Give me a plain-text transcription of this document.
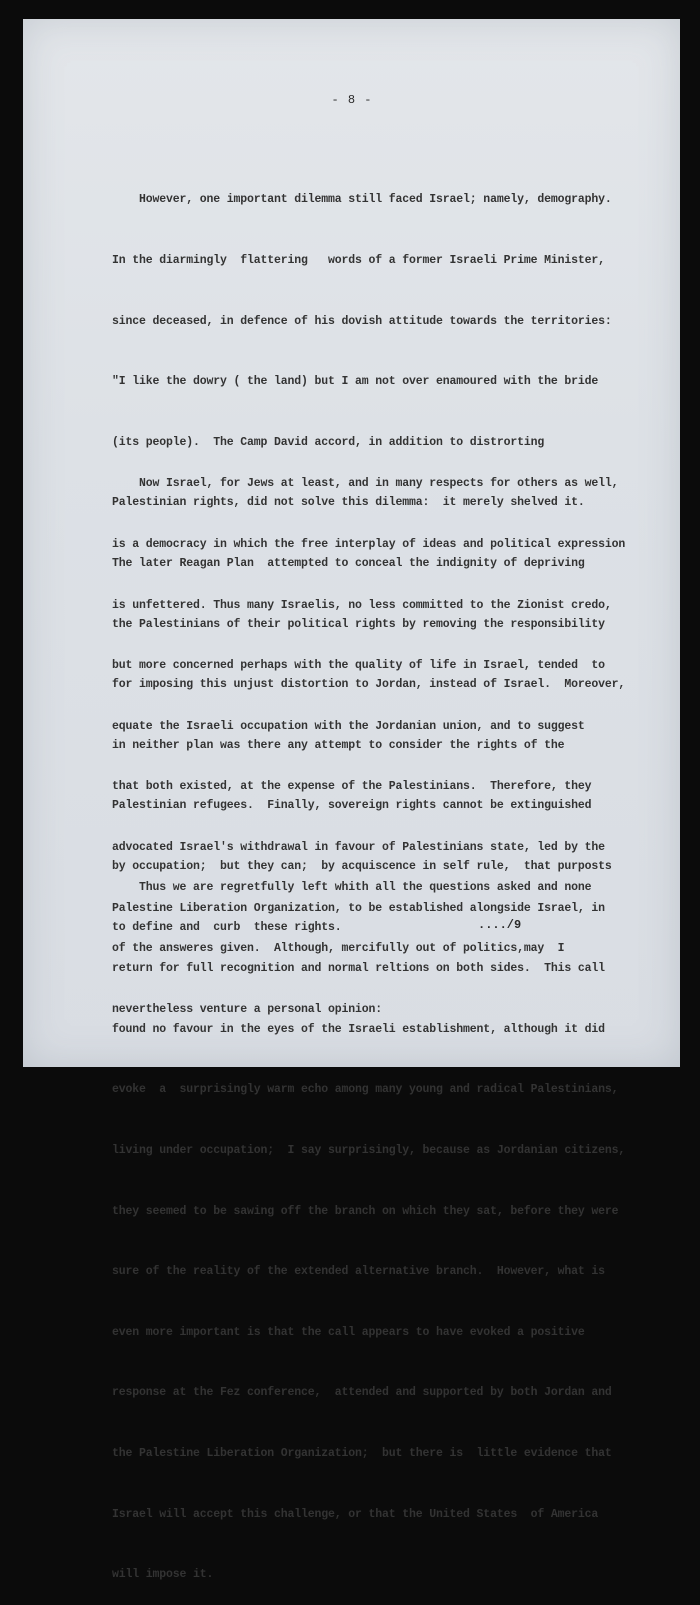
- 8 -

However, one important dilemma still faced Israel; namely, demography.

In the diarmingly  flattering   words of a former Israeli Prime Minister,

since deceased, in defence of his dovish attitude towards the territories:

"I like the dowry ( the land) but I am not over enamoured with the bride

(its people).  The Camp David accord, in addition to distrorting

Palestinian rights, did not solve this dilemma:  it merely shelved it.

The later Reagan Plan  attempted to conceal the indignity of depriving

the Palestinians of their political rights by removing the responsibility

for imposing this unjust distortion to Jordan, instead of Israel.  Moreover,

in neither plan was there any attempt to consider the rights of the

Palestinian refugees.  Finally, sovereign rights cannot be extinguished

by occupation;  but they can;  by acquiscence in self rule,  that purposts

to define and  curb  these rights.

Now Israel, for Jews at least, and in many respects for others as well,

is a democracy in which the free interplay of ideas and political expression

is unfettered. Thus many Israelis, no less committed to the Zionist credo,

but more concerned perhaps with the quality of life in Israel, tended  to

equate the Israeli occupation with the Jordanian union, and to suggest

that both existed, at the expense of the Palestinians.  Therefore, they

advocated Israel's withdrawal in favour of Palestinians state, led by the

Palestine Liberation Organization, to be established alongside Israel, in

return for full recognition and normal reltions on both sides.  This call

found no favour in the eyes of the Israeli establishment, although it did

evoke  a  surprisingly warm echo among many young and radical Palestinians,

living under occupation;  I say surprisingly, because as Jordanian citizens,

they seemed to be sawing off the branch on which they sat, before they were

sure of the reality of the extended alternative branch.  However, what is

even more important is that the call appears to have evoked a positive

response at the Fez conference,  attended and supported by both Jordan and

the Palestine Liberation Organization;  but there is  little evidence that

Israel will accept this challenge, or that the United States  of America

will impose it.

Thus we are regretfully left whith all the questions asked and none

of the answeres given.  Although, mercifully out of politics,may  I

nevertheless venture a personal opinion:

..../9
